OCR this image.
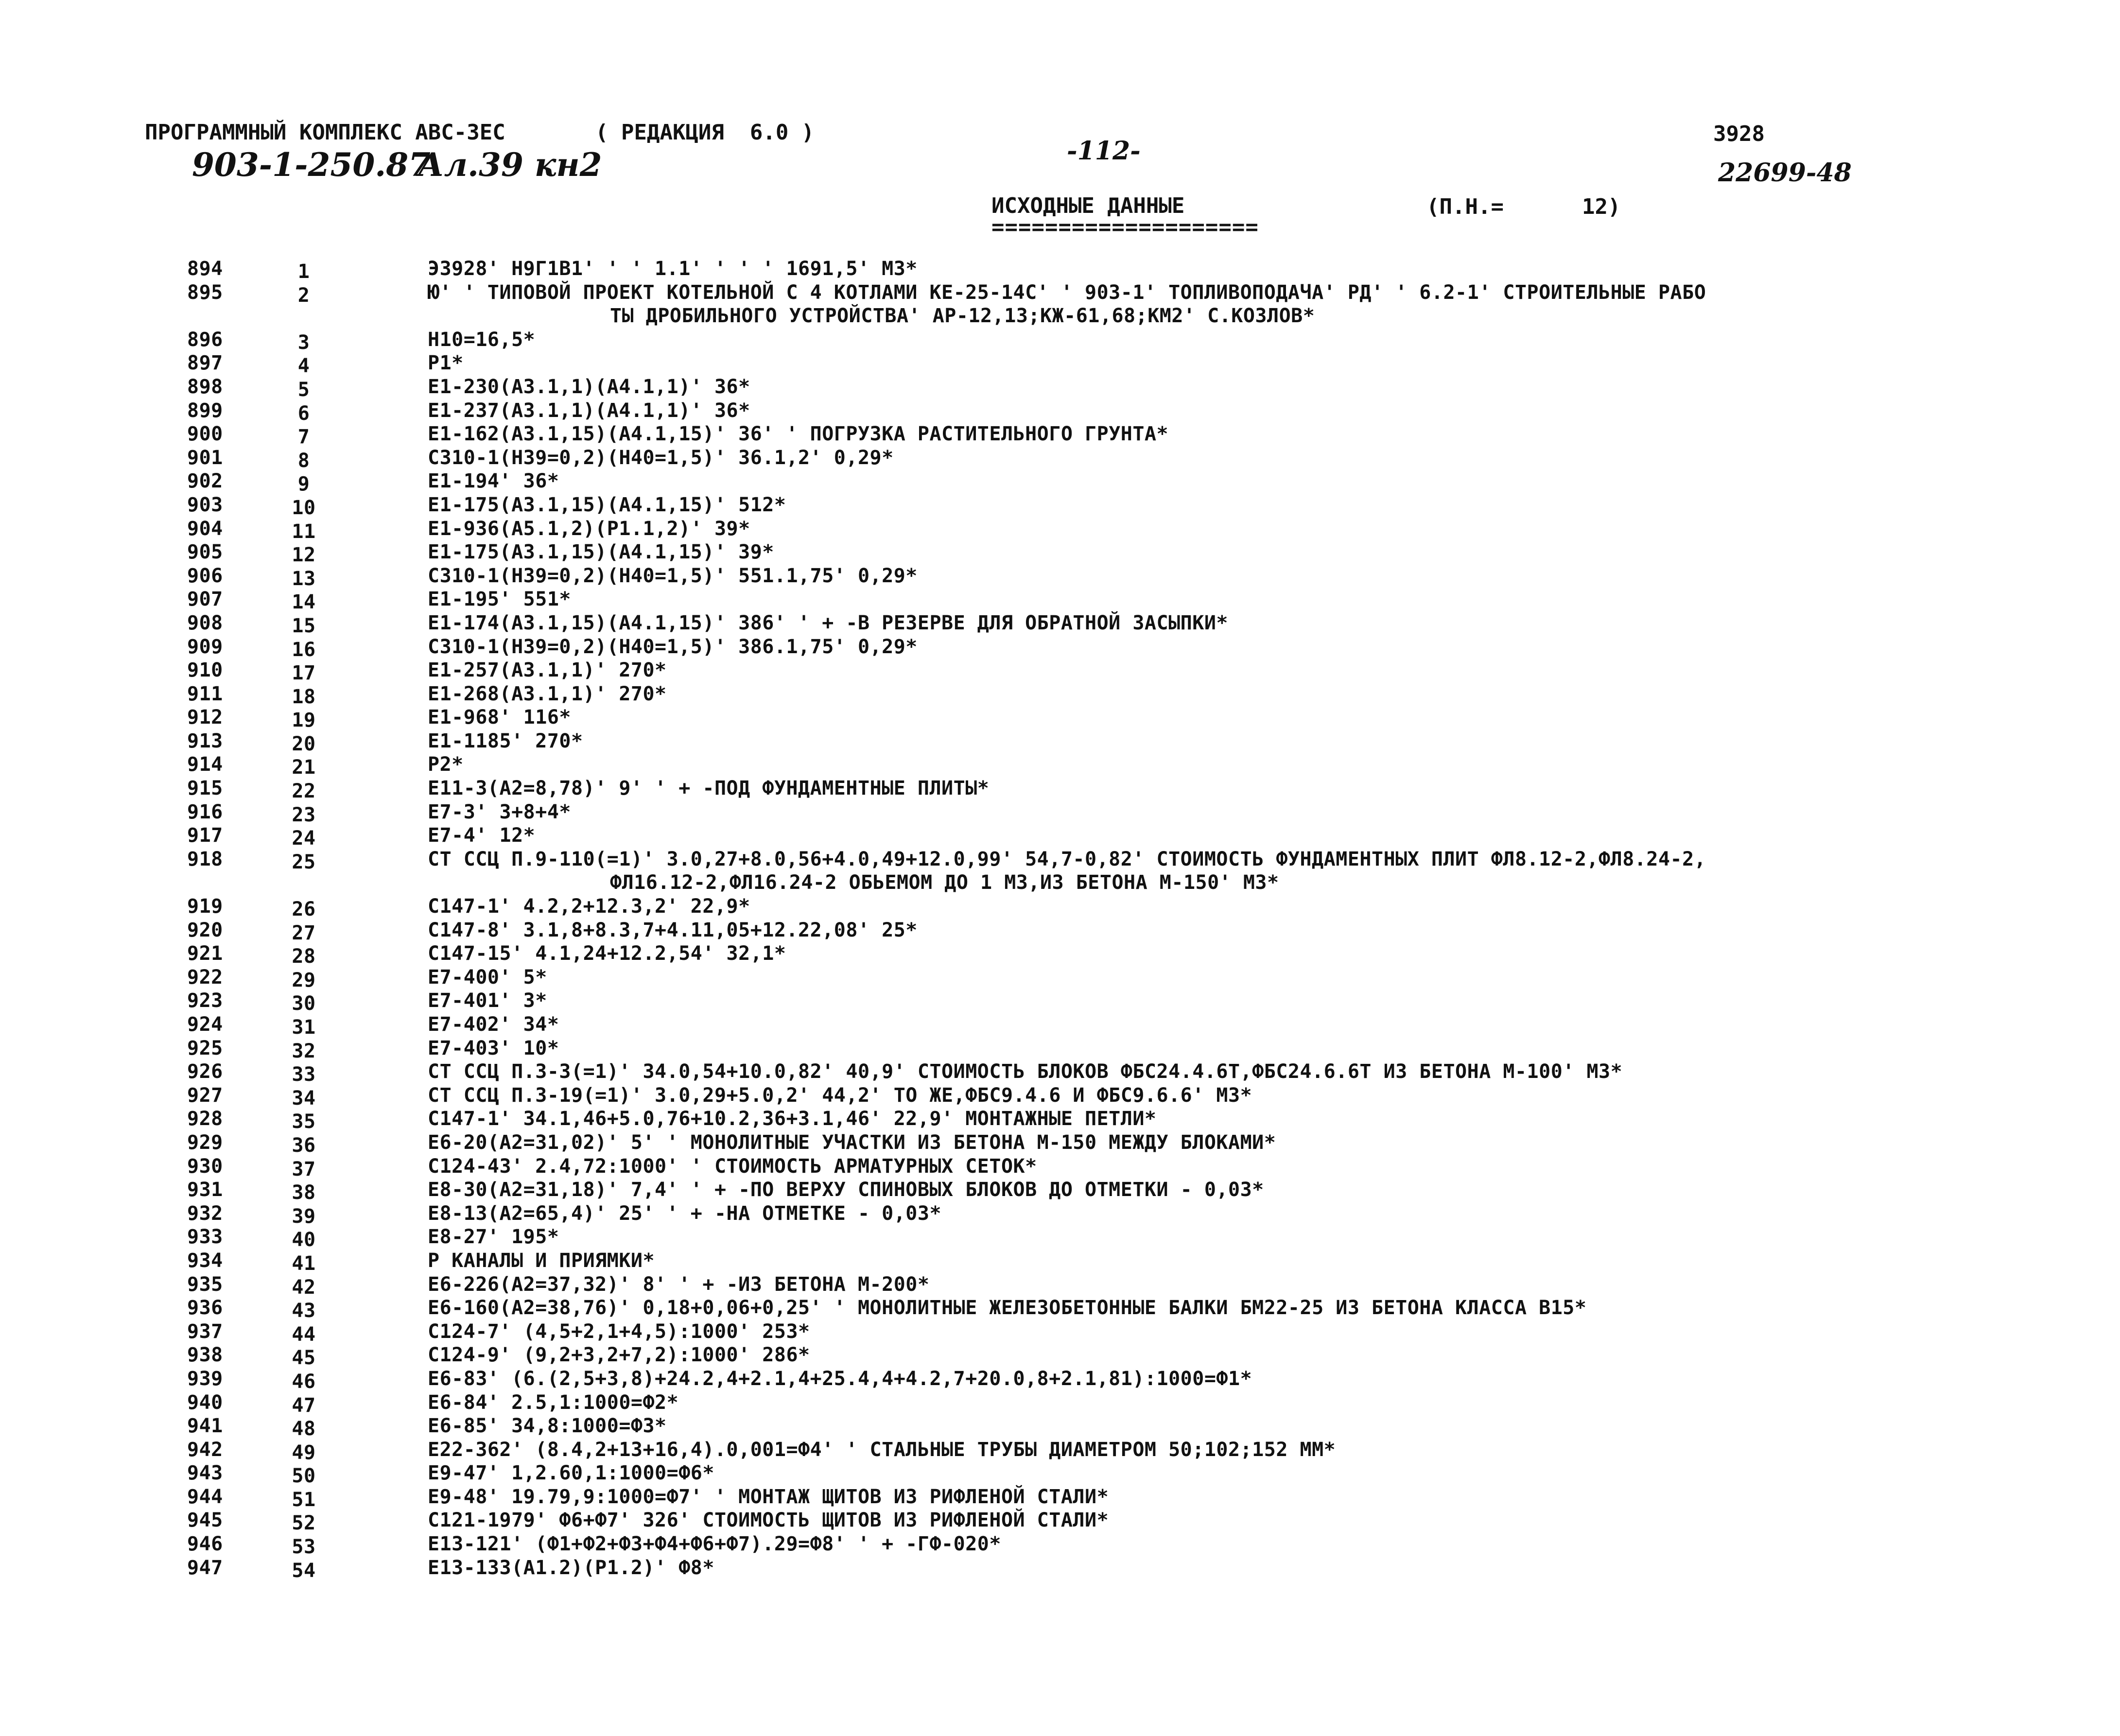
ПРОГРАММНЫЙ КОМПЛЕКС АВС-ЗЕС	( РЕДАКЦИЯ  6.0 )
903-1-250.87
Ал.39 кн2	-112-
3928
22699-48
ИСХОДНЫЕ ДАННЫЕ
====================
(П.Н.=	12)
894	1	Э3928' Н9Г1В1' ' ' 1.1' ' ' ' 1691,5' М3*
895	2	Ю' ' ТИПОВОЙ ПРОЕКТ КОТЕЛЬНОЙ С 4 КОТЛАМИ КЕ-25-14С' ' 903-1' ТОПЛИВОПОДАЧА' РД' ' 6.2-1' СТРОИТЕЛЬНЫЕ РАБО
ТЫ ДРОБИЛЬНОГО УСТРОЙСТВА' АР-12,13;КЖ-61,68;КМ2' С.КОЗЛОВ*
896	3	Н10=16,5*
897	4	Р1*
898	5	Е1-230(А3.1,1)(А4.1,1)' 36*
899	6	Е1-237(А3.1,1)(А4.1,1)' 36*
900	7	Е1-162(А3.1,15)(А4.1,15)' 36' ' ПОГРУЗКА РАСТИТЕЛЬНОГО ГРУНТА*
901	8	С310-1(Н39=0,2)(Н40=1,5)' 36.1,2' 0,29*
902	9	Е1-194' 36*
903	10	Е1-175(А3.1,15)(А4.1,15)' 512*
904	11	Е1-936(А5.1,2)(Р1.1,2)' 39*
905	12	Е1-175(А3.1,15)(А4.1,15)' 39*
906	13	С310-1(Н39=0,2)(Н40=1,5)' 551.1,75' 0,29*
907	14	Е1-195' 551*
908	15	Е1-174(А3.1,15)(А4.1,15)' 386' ' + -В РЕЗЕРВЕ ДЛЯ ОБРАТНОЙ ЗАСЫПКИ*
909	16	С310-1(Н39=0,2)(Н40=1,5)' 386.1,75' 0,29*
910	17	Е1-257(А3.1,1)' 270*
911	18	Е1-268(А3.1,1)' 270*
912	19	Е1-968' 116*
913	20	Е1-1185' 270*
914	21	Р2*
915	22	Е11-3(А2=8,78)' 9' ' + -ПОД ФУНДАМЕНТНЫЕ ПЛИТЫ*
916	23	Е7-3' 3+8+4*
917	24	Е7-4' 12*
918	25	СТ ССЦ П.9-110(=1)' 3.0,27+8.0,56+4.0,49+12.0,99' 54,7-0,82' СТОИМОСТЬ ФУНДАМЕНТНЫХ ПЛИТ ФЛ8.12-2,ФЛ8.24-2,
ФЛ16.12-2,ФЛ16.24-2 ОБЬЕМОМ ДО 1 М3,ИЗ БЕТОНА М-150' М3*
919	26	С147-1' 4.2,2+12.3,2' 22,9*
920	27	С147-8' 3.1,8+8.3,7+4.11,05+12.22,08' 25*
921	28	С147-15' 4.1,24+12.2,54' 32,1*
922	29	Е7-400' 5*
923	30	Е7-401' 3*
924	31	Е7-402' 34*
925	32	Е7-403' 10*
926	33	СТ ССЦ П.3-3(=1)' 34.0,54+10.0,82' 40,9' СТОИМОСТЬ БЛОКОВ ФБС24.4.6Т,ФБС24.6.6Т ИЗ БЕТОНА М-100' М3*
927	34	СТ ССЦ П.3-19(=1)' 3.0,29+5.0,2' 44,2' ТО ЖЕ,ФБС9.4.6 И ФБС9.6.6' М3*
928	35	С147-1' 34.1,46+5.0,76+10.2,36+3.1,46' 22,9' МОНТАЖНЫЕ ПЕТЛИ*
929	36	Е6-20(А2=31,02)' 5' ' МОНОЛИТНЫЕ УЧАСТКИ ИЗ БЕТОНА М-150 МЕЖДУ БЛОКАМИ*
930	37	С124-43' 2.4,72:1000' ' СТОИМОСТЬ АРМАТУРНЫХ СЕТОК*
931	38	Е8-30(А2=31,18)' 7,4' ' + -ПО ВЕРХУ СПИНОВЫХ БЛОКОВ ДО ОТМЕТКИ - 0,03*
932	39	Е8-13(А2=65,4)' 25' ' + -НА ОТМЕТКЕ - 0,03*
933	40	Е8-27' 195*
934	41	Р КАНАЛЫ И ПРИЯМКИ*
935	42	Е6-226(А2=37,32)' 8' ' + -ИЗ БЕТОНА М-200*
936	43	Е6-160(А2=38,76)' 0,18+0,06+0,25' ' МОНОЛИТНЫЕ ЖЕЛЕЗОБЕТОННЫЕ БАЛКИ БМ22-25 ИЗ БЕТОНА КЛАССА В15*
937	44	С124-7' (4,5+2,1+4,5):1000' 253*
938	45	С124-9' (9,2+3,2+7,2):1000' 286*
939	46	Е6-83' (6.(2,5+3,8)+24.2,4+2.1,4+25.4,4+4.2,7+20.0,8+2.1,81):1000=Ф1*
940	47	Е6-84' 2.5,1:1000=Ф2*
941	48	Е6-85' 34,8:1000=Ф3*
942	49	Е22-362' (8.4,2+13+16,4).0,001=Ф4' ' СТАЛЬНЫЕ ТРУБЫ ДИАМЕТРОМ 50;102;152 ММ*
943	50	Е9-47' 1,2.60,1:1000=Ф6*
944	51	Е9-48' 19.79,9:1000=Ф7' ' МОНТАЖ ЩИТОВ ИЗ РИФЛЕНОЙ СТАЛИ*
945	52	С121-1979' Ф6+Ф7' 326' СТОИМОСТЬ ЩИТОВ ИЗ РИФЛЕНОЙ СТАЛИ*
946	53	Е13-121' (Ф1+Ф2+Ф3+Ф4+Ф6+Ф7).29=Ф8' ' + -ГФ-020*
947	54	Е13-133(А1.2)(Р1.2)' Ф8*
